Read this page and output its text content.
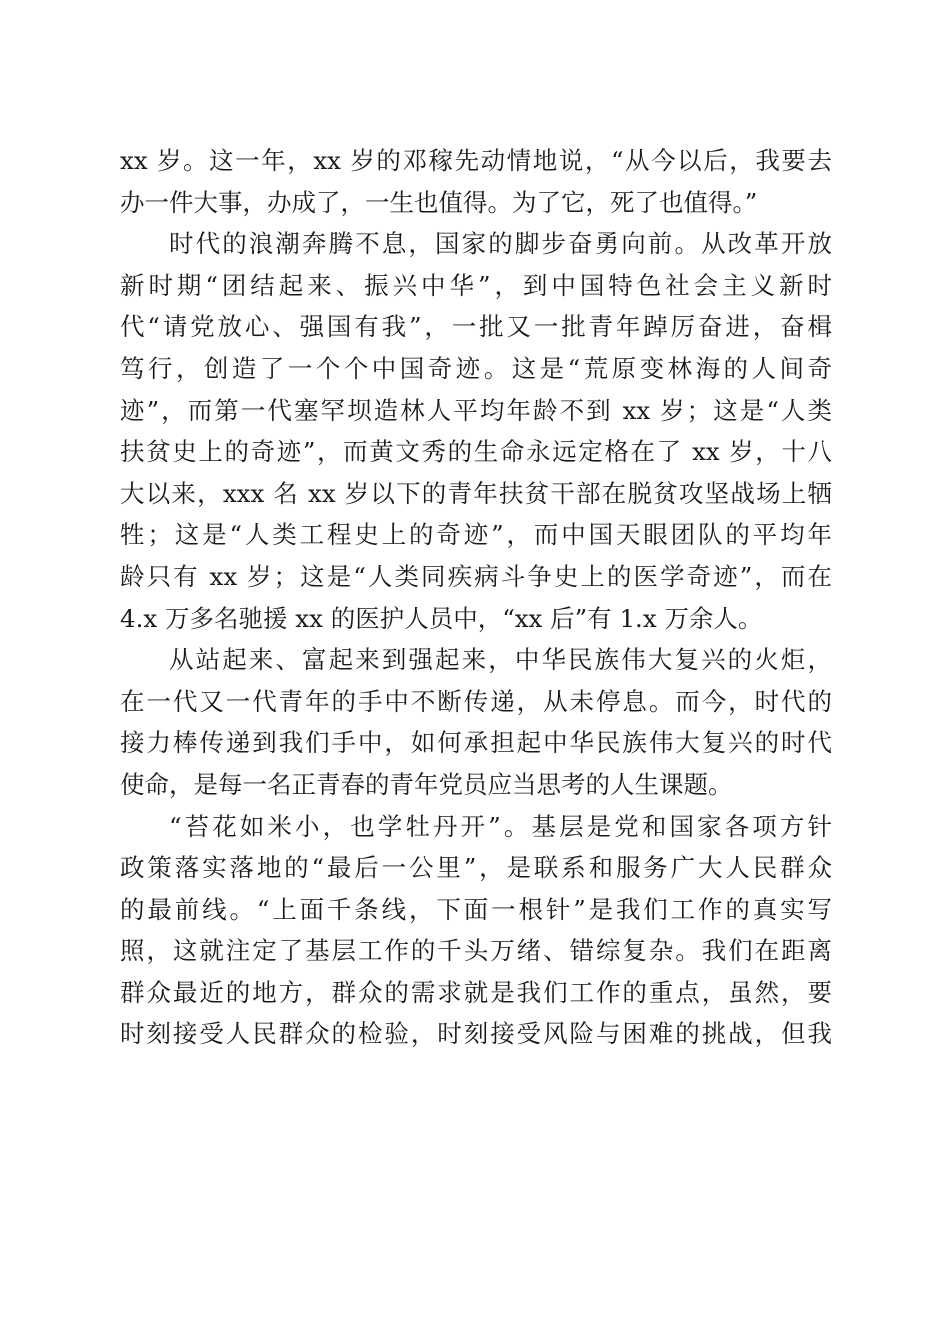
xx 岁。这一年，xx 岁的邓稼先动情地说，“从今以后，我要去
办一件大事，办成了，一生也值得。为了它，死了也值得。”
时代的浪潮奔腾不息，国家的脚步奋勇向前。从改革开放
新时期“团结起来、振兴中华”，到中国特色社会主义新时
代“请党放心、强国有我”，一批又一批青年踔厉奋进，奋楫
笃行，创造了一个个中国奇迹。这是“荒原变林海的人间奇
迹”，而第一代塞罕坝造林人平均年龄不到 xx 岁；这是“人类
扶贫史上的奇迹”，而黄文秀的生命永远定格在了 xx 岁，十八
大以来，xxx 名 xx 岁以下的青年扶贫干部在脱贫攻坚战场上牺
牲；这是“人类工程史上的奇迹”，而中国天眼团队的平均年
龄只有 xx 岁；这是“人类同疾病斗争史上的医学奇迹”，而在
4.x 万多名驰援 xx 的医护人员中，“xx 后”有 1.x 万余人。
从站起来、富起来到强起来，中华民族伟大复兴的火炬，
在一代又一代青年的手中不断传递，从未停息。而今，时代的
接力棒传递到我们手中，如何承担起中华民族伟大复兴的时代
使命，是每一名正青春的青年党员应当思考的人生课题。
“苔花如米小，也学牡丹开”。基层是党和国家各项方针
政策落实落地的“最后一公里”，是联系和服务广大人民群众
的最前线。“上面千条线，下面一根针”是我们工作的真实写
照，这就注定了基层工作的千头万绪、错综复杂。我们在距离
群众最近的地方，群众的需求就是我们工作的重点，虽然，要
时刻接受人民群众的检验，时刻接受风险与困难的挑战，但我
